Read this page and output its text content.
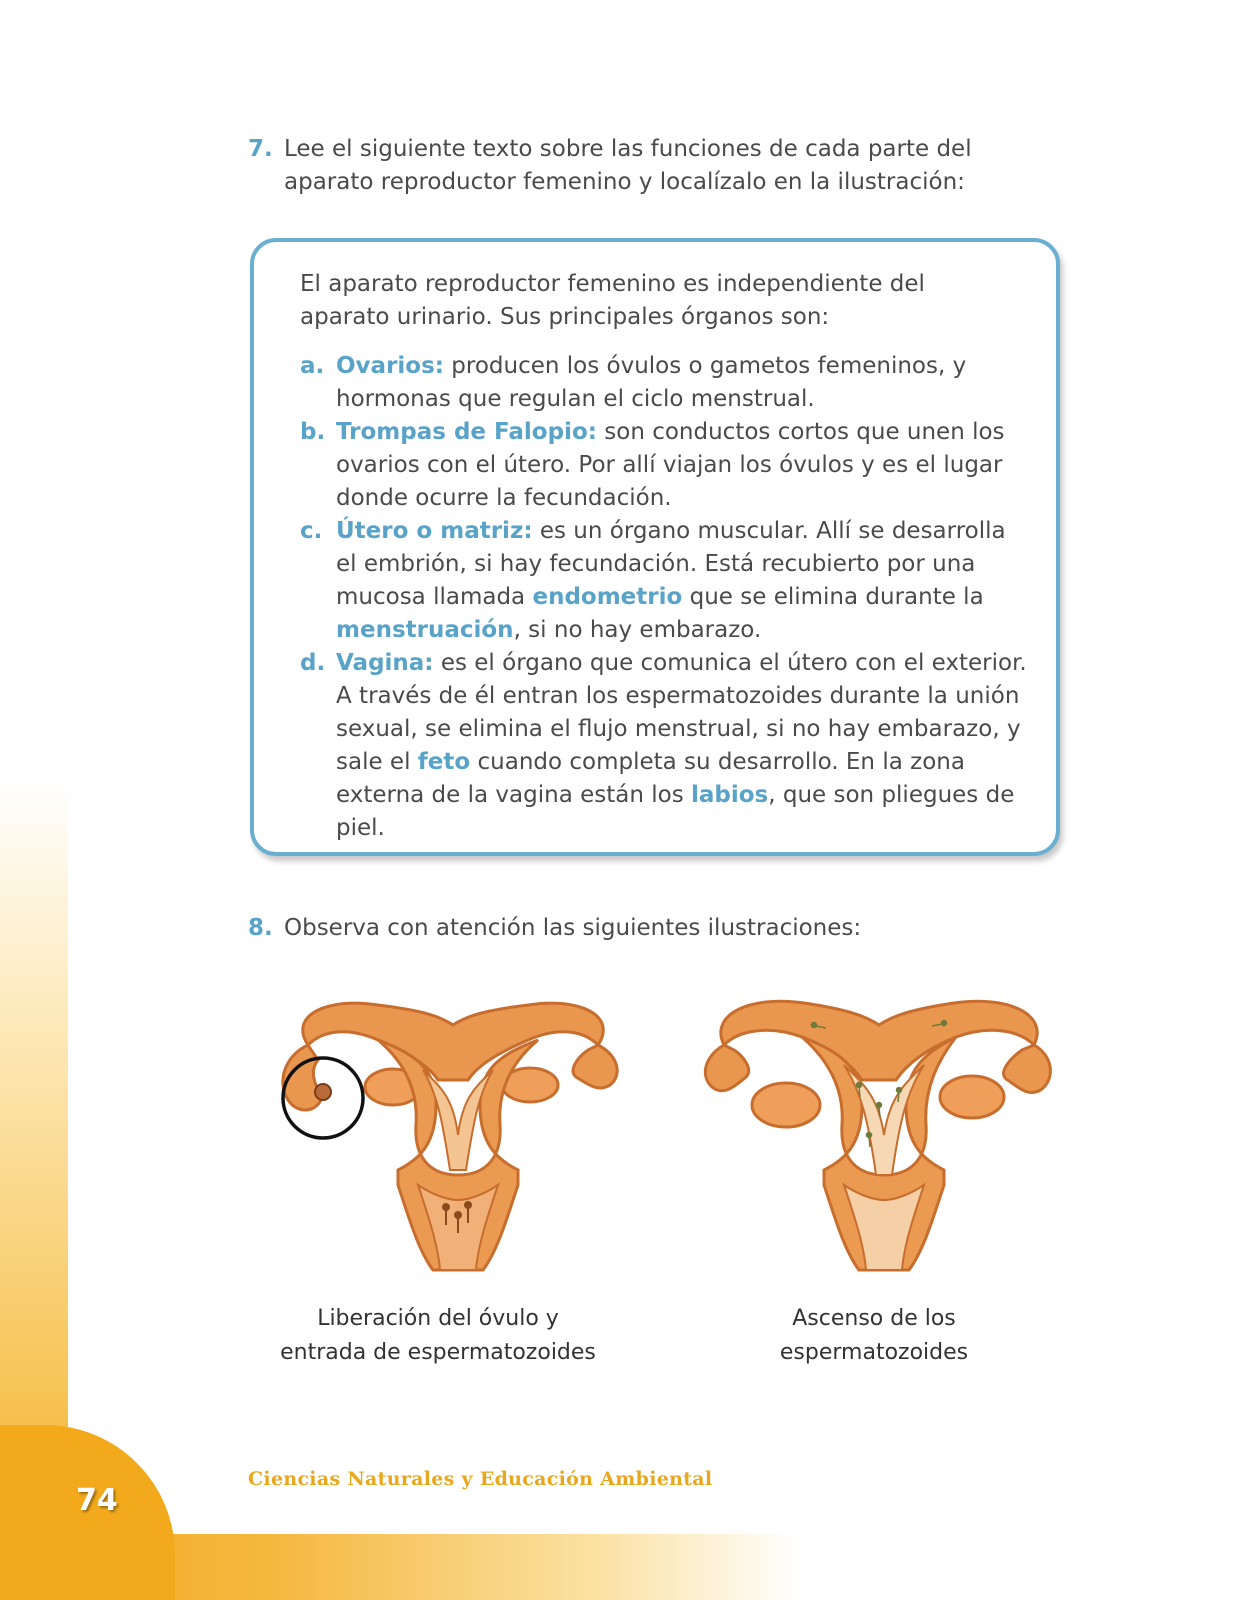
74
Ciencias Naturales y Educación Ambiental
7. Lee el siguiente texto sobre las funciones de cada parte del aparato reproductor femenino y localízalo en la ilustración:
El aparato reproductor femenino es independiente del aparato urinario. Sus principales órganos son:
a. Ovarios: producen los óvulos o gametos femeninos, y hormonas que regulan el ciclo menstrual.
b. Trompas de Falopio: son conductos cortos que unen los ovarios con el útero. Por allí viajan los óvulos y es el lugar donde ocurre la fecundación.
c. Útero o matriz: es un órgano muscular. Allí se desarrolla el embrión, si hay fecundación. Está recubierto por una mucosa llamada endometrio que se elimina durante la menstruación, si no hay embarazo.
d. Vagina: es el órgano que comunica el útero con el exterior. A través de él entran los espermatozoides durante la unión sexual, se elimina el flujo menstrual, si no hay embarazo, y sale el feto cuando completa su desarrollo. En la zona externa de la vagina están los labios, que son pliegues de piel.
8. Observa con atención las siguientes ilustraciones:
Liberación del óvulo y
entrada de espermatozoides
Ascenso de los
espermatozoides
